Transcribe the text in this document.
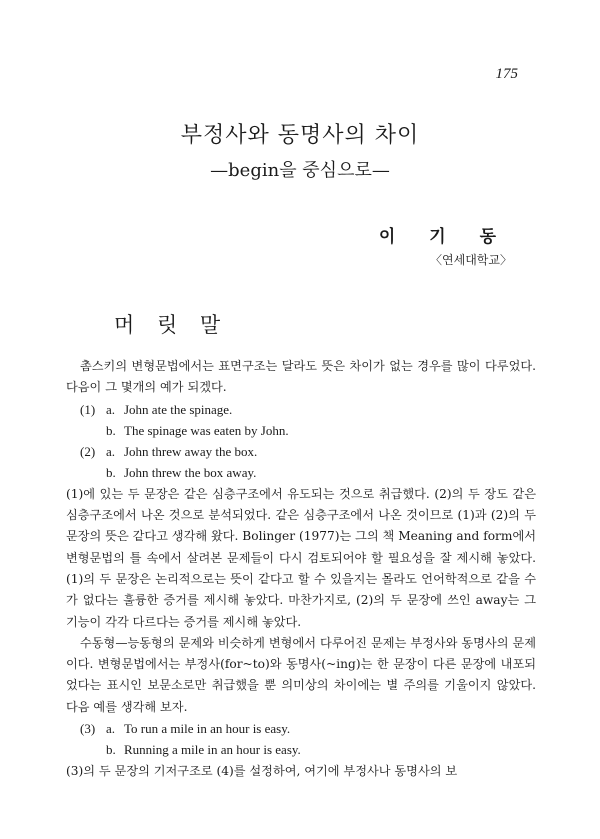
175
부정사와 동명사의 차이
—begin을 중심으로—
이 기 동
〈연세대학교〉
머 릿 말

촘스키의 변형문법에서는 표면구조는 달라도 뜻은 차이가 없는 경우를 많이 다루었다. 다음이 그 몇개의 예가 되겠다.

(1) a. John ate the spinage.

b. The spinage was eaten by John.

(2) a. John threw away the box.

b. John threw the box away.

(1)에 있는 두 문장은 같은 심층구조에서 유도되는 것으로 취급했다. (2)의 두 장도 같은 심층구조에서 나온 것으로 분석되었다. 같은 심층구조에서 나온 것이므로 (1)과 (2)의 두 문장의 뜻은 같다고 생각해 왔다. Bolinger (1977)는 그의 책 Meaning and form에서 변형문법의 틀 속에서 살려본 문제들이 다시 검토되어야 할 필요성을 잘 제시해 놓았다. (1)의 두 문장은 논리적으로는 뜻이 같다고 할 수 있을지는 몰라도 언어학적으로 같을 수가 없다는 훌륭한 증거를 제시해 놓았다. 마찬가지로, (2)의 두 문장에 쓰인 away는 그 기능이 각각 다르다는 증거를 제시해 놓았다.

수동형—능동형의 문제와 비슷하게 변형에서 다루어진 문제는 부정사와 동명사의 문제이다. 변형문법에서는 부정사(for~to)와 동명사(~ing)는 한 문장이 다른 문장에 내포되었다는 표시인 보문소로만 취급했을 뿐 의미상의 차이에는 별 주의를 기울이지 않았다. 다음 예를 생각해 보자.

(3) a. To run a mile in an hour is easy.

b. Running a mile in an hour is easy.

(3)의 두 문장의 기저구조로 (4)를 설정하여, 여기에 부정사나 동명사의 보
